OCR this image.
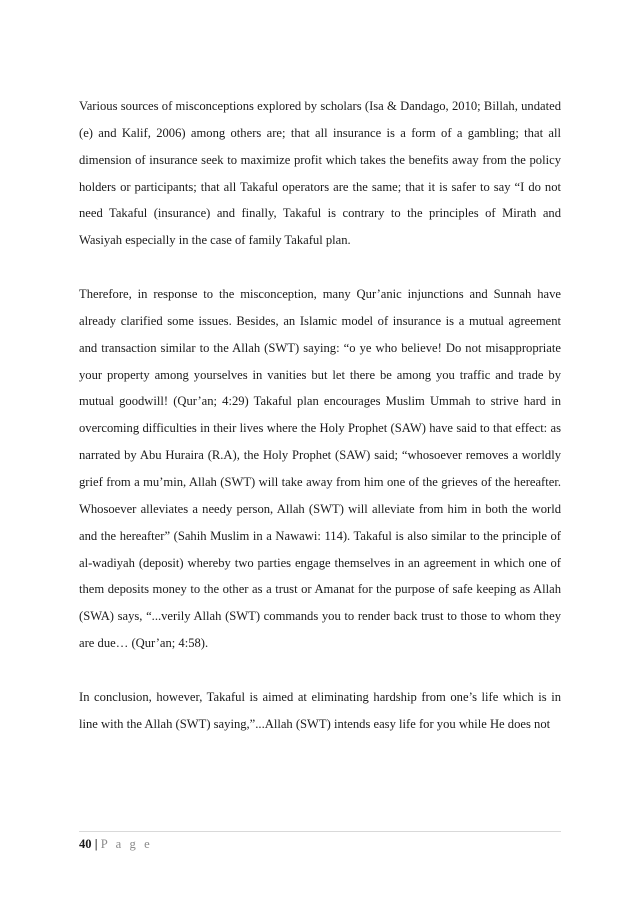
Various sources of misconceptions explored by scholars (Isa & Dandago, 2010; Billah, undated (e) and Kalif, 2006) among others are; that all insurance is a form of a gambling; that all dimension of insurance seek to maximize profit which takes the benefits away from the policy holders or participants; that all Takaful operators are the same; that it is safer to say “I do not need Takaful (insurance) and finally, Takaful is contrary to the principles of Mirath and Wasiyah especially in the case of family Takaful plan.

Therefore, in response to the misconception, many Qur’anic injunctions and Sunnah have already clarified some issues. Besides, an Islamic model of insurance is a mutual agreement and transaction similar to the Allah (SWT) saying: “o ye who believe! Do not misappropriate your property among yourselves in vanities but let there be among you traffic and trade by mutual goodwill! (Qur’an; 4:29) Takaful plan encourages Muslim Ummah to strive hard in overcoming difficulties in their lives where the Holy Prophet (SAW) have said to that effect: as narrated by Abu Huraira (R.A), the Holy Prophet (SAW) said; “whosoever removes a worldly grief from a mu’min, Allah (SWT) will take away from him one of the grieves of the hereafter. Whosoever alleviates a needy person, Allah (SWT) will alleviate from him in both the world and the hereafter” (Sahih Muslim in a Nawawi: 114). Takaful is also similar to the principle of al-wadiyah (deposit) whereby two parties engage themselves in an agreement in which one of them deposits money to the other as a trust or Amanat for the purpose of safe keeping as Allah (SWA) says, “...verily Allah (SWT) commands you to render back trust to those to whom they are due… (Qur’an; 4:58).

In conclusion, however, Takaful is aimed at eliminating hardship from one’s life which is in line with the Allah (SWT) saying,”...Allah (SWT) intends easy life for you while He does not

40 | P a g e
